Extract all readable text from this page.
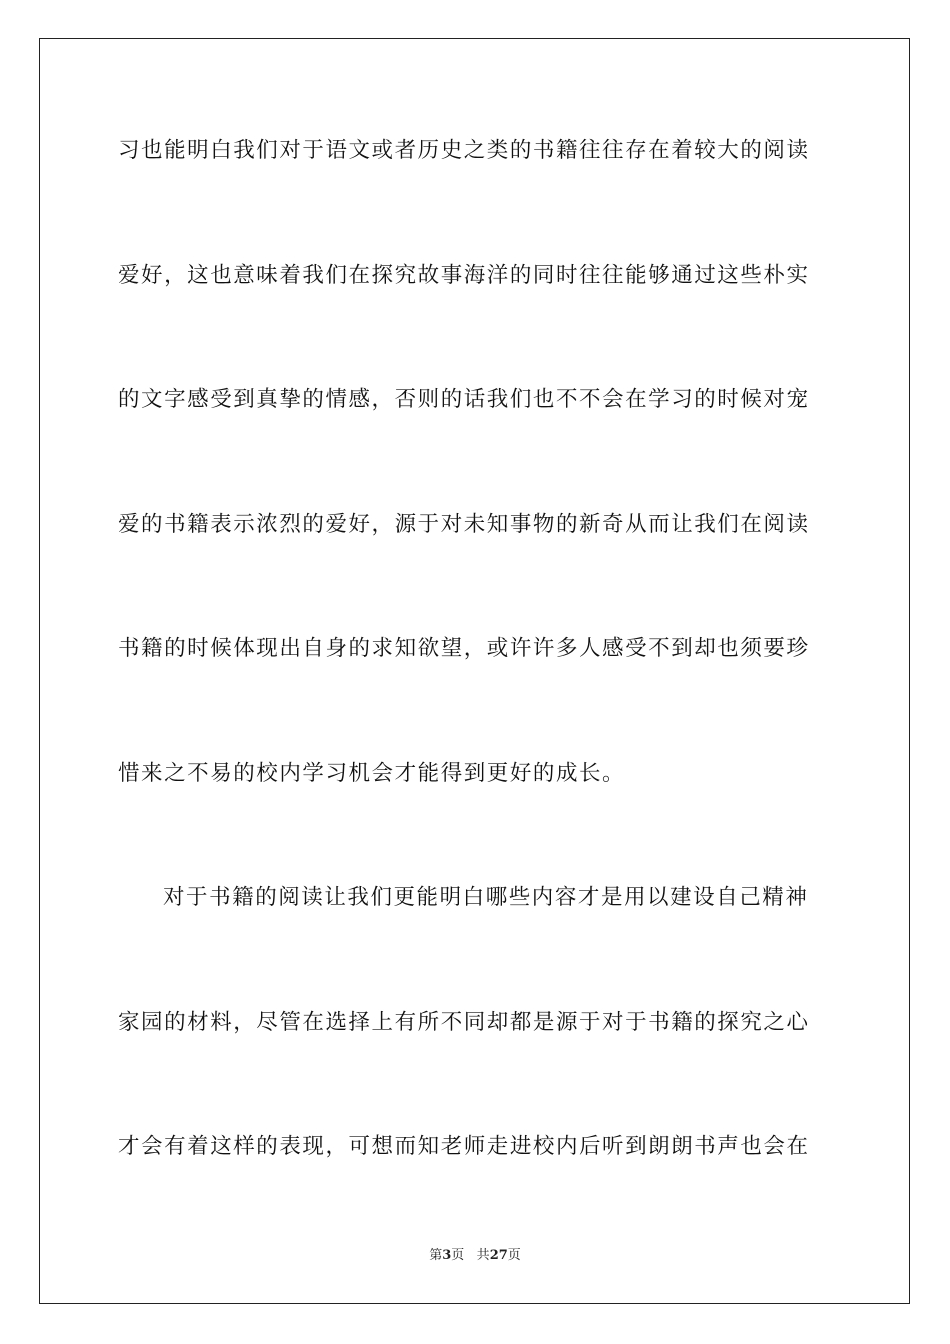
习也能明白我们对于语文或者历史之类的书籍往往存在着较大的阅读
爱好，这也意味着我们在探究故事海洋的同时往往能够通过这些朴实
的文字感受到真挚的情感，否则的话我们也不不会在学习的时候对宠
爱的书籍表示浓烈的爱好，源于对未知事物的新奇从而让我们在阅读
书籍的时候体现出自身的求知欲望，或许许多人感受不到却也须要珍
惜来之不易的校内学习机会才能得到更好的成长。
对于书籍的阅读让我们更能明白哪些内容才是用以建设自己精神
家园的材料，尽管在选择上有所不同却都是源于对于书籍的探究之心
才会有着这样的表现，可想而知老师走进校内后听到朗朗书声也会在
第3页 共27页
